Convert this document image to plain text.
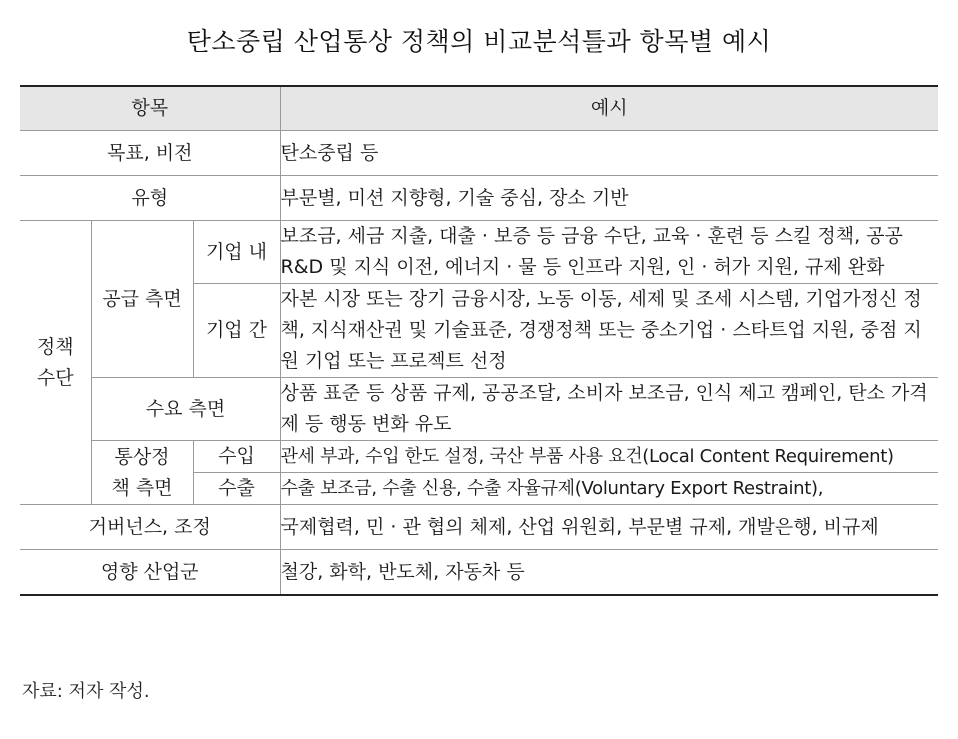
탄소중립 산업통상 정책의 비교분석틀과 항목별 예시
항목			예시
목표, 비전			탄소중립 등
유형			부문별, 미션 지향형, 기술 중심, 장소 기반
정책 수단	공급 측면	기업 내	보조금, 세금 지출, 대출 · 보증 등 금융 수단, 교육 · 훈련 등 스킬 정책, 공공 R&D 및 지식 이전, 에너지 · 물 등 인프라 지원, 인 · 허가 지원, 규제 완화
		기업 간	자본 시장 또는 장기 금융시장, 노동 이동, 세제 및 조세 시스템, 기업가정신 정책, 지식재산권 및 기술표준, 경쟁정책 또는 중소기업 · 스타트업 지원, 중점 지원 기업 또는 프로젝트 선정
	수요 측면		상품 표준 등 상품 규제, 공공조달, 소비자 보조금, 인식 제고 캠페인, 탄소 가격제 등 행동 변화 유도
	통상정책 측면	수입	관세 부과, 수입 한도 설정, 국산 부품 사용 요건(Local Content Requirement)
		수출	수출 보조금, 수출 신용, 수출 자율규제(Voluntary Export Restraint),
거버넌스, 조정			국제협력, 민 · 관 협의 체제, 산업 위원회, 부문별 규제, 개발은행, 비규제
영향 산업군			철강, 화학, 반도체, 자동차 등
자료: 저자 작성.
